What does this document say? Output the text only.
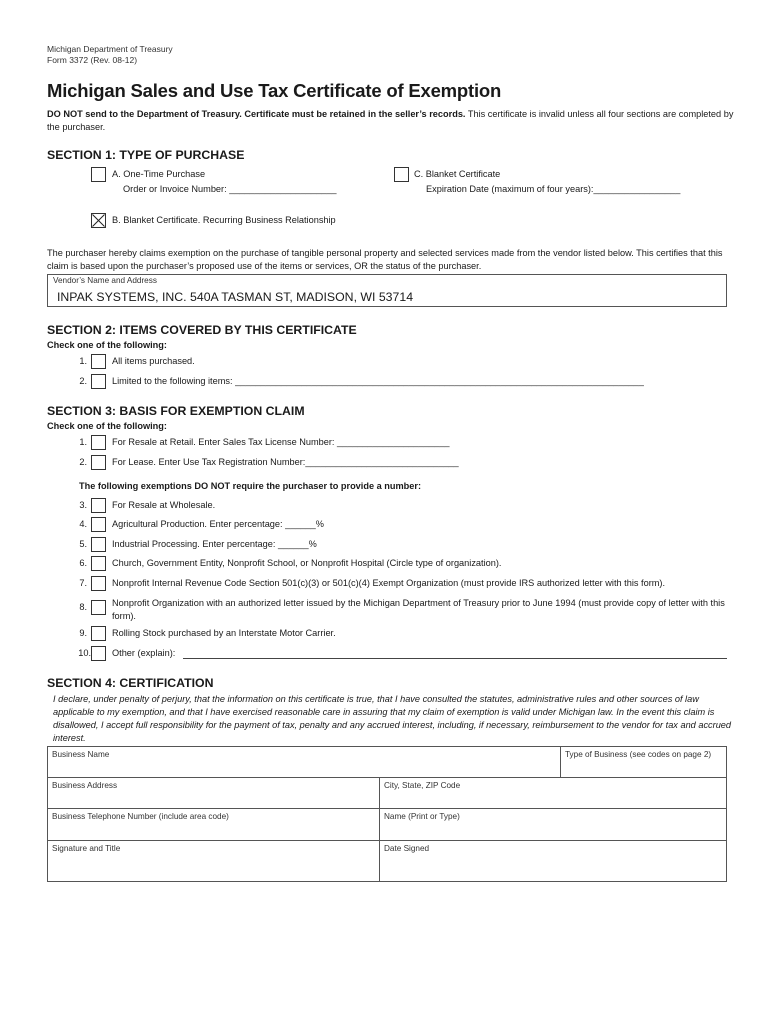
Michigan Department of Treasury
Form 3372 (Rev. 08-12)
Michigan Sales and Use Tax Certificate of Exemption
DO NOT send to the Department of Treasury. Certificate must be retained in the seller’s records. This certificate is invalid unless all four sections are completed by the purchaser.
SECTION 1: TYPE OF PURCHASE
A. One-Time Purchase
Order or Invoice Number: _____________________
C. Blanket Certificate
Expiration Date (maximum of four years):_________________
B. Blanket Certificate. Recurring Business Relationship
The purchaser hereby claims exemption on the purchase of tangible personal property and selected services made from the vendor listed below. This certifies that this claim is based upon the purchaser’s proposed use of the items or services, OR the status of the purchaser.
Vendor’s Name and Address
INPAK SYSTEMS, INC. 540A TASMAN ST, MADISON, WI 53714
SECTION 2: ITEMS COVERED BY THIS CERTIFICATE
Check one of the following:
1.	All items purchased.
2.	Limited to the following items: ________________________________________________________________________________
SECTION 3: BASIS FOR EXEMPTION CLAIM
Check one of the following:
1.	For Resale at Retail. Enter Sales Tax License Number: ______________________
2.	For Lease. Enter Use Tax Registration Number:______________________________
The following exemptions DO NOT require the purchaser to provide a number:
3.	For Resale at Wholesale.
4.	Agricultural Production. Enter percentage: ______%
5.	Industrial Processing. Enter percentage: ______%
6.	Church, Government Entity, Nonprofit School, or Nonprofit Hospital (Circle type of organization).
7.	Nonprofit Internal Revenue Code Section 501(c)(3) or 501(c)(4) Exempt Organization (must provide IRS authorized letter with this form).
8.	Nonprofit Organization with an authorized letter issued by the Michigan Department of Treasury prior to June 1994 (must provide copy of letter with this form).
9.	Rolling Stock purchased by an Interstate Motor Carrier.
10. Other (explain):
SECTION 4: CERTIFICATION
I declare, under penalty of perjury, that the information on this certificate is true, that I have consulted the statutes, administrative rules and other sources of law applicable to my exemption, and that I have exercised reasonable care in assuring that my claim of exemption is valid under Michigan law. In the event this claim is disallowed, I accept full responsibility for the payment of tax, penalty and any accrued interest, including, if necessary, reimbursement to the vendor for tax and accrued interest.
Business Name	Type of Business (see codes on page 2)
Business Address	City, State, ZIP Code
Business Telephone Number (include area code)	Name (Print or Type)
Signature and Title	Date Signed
